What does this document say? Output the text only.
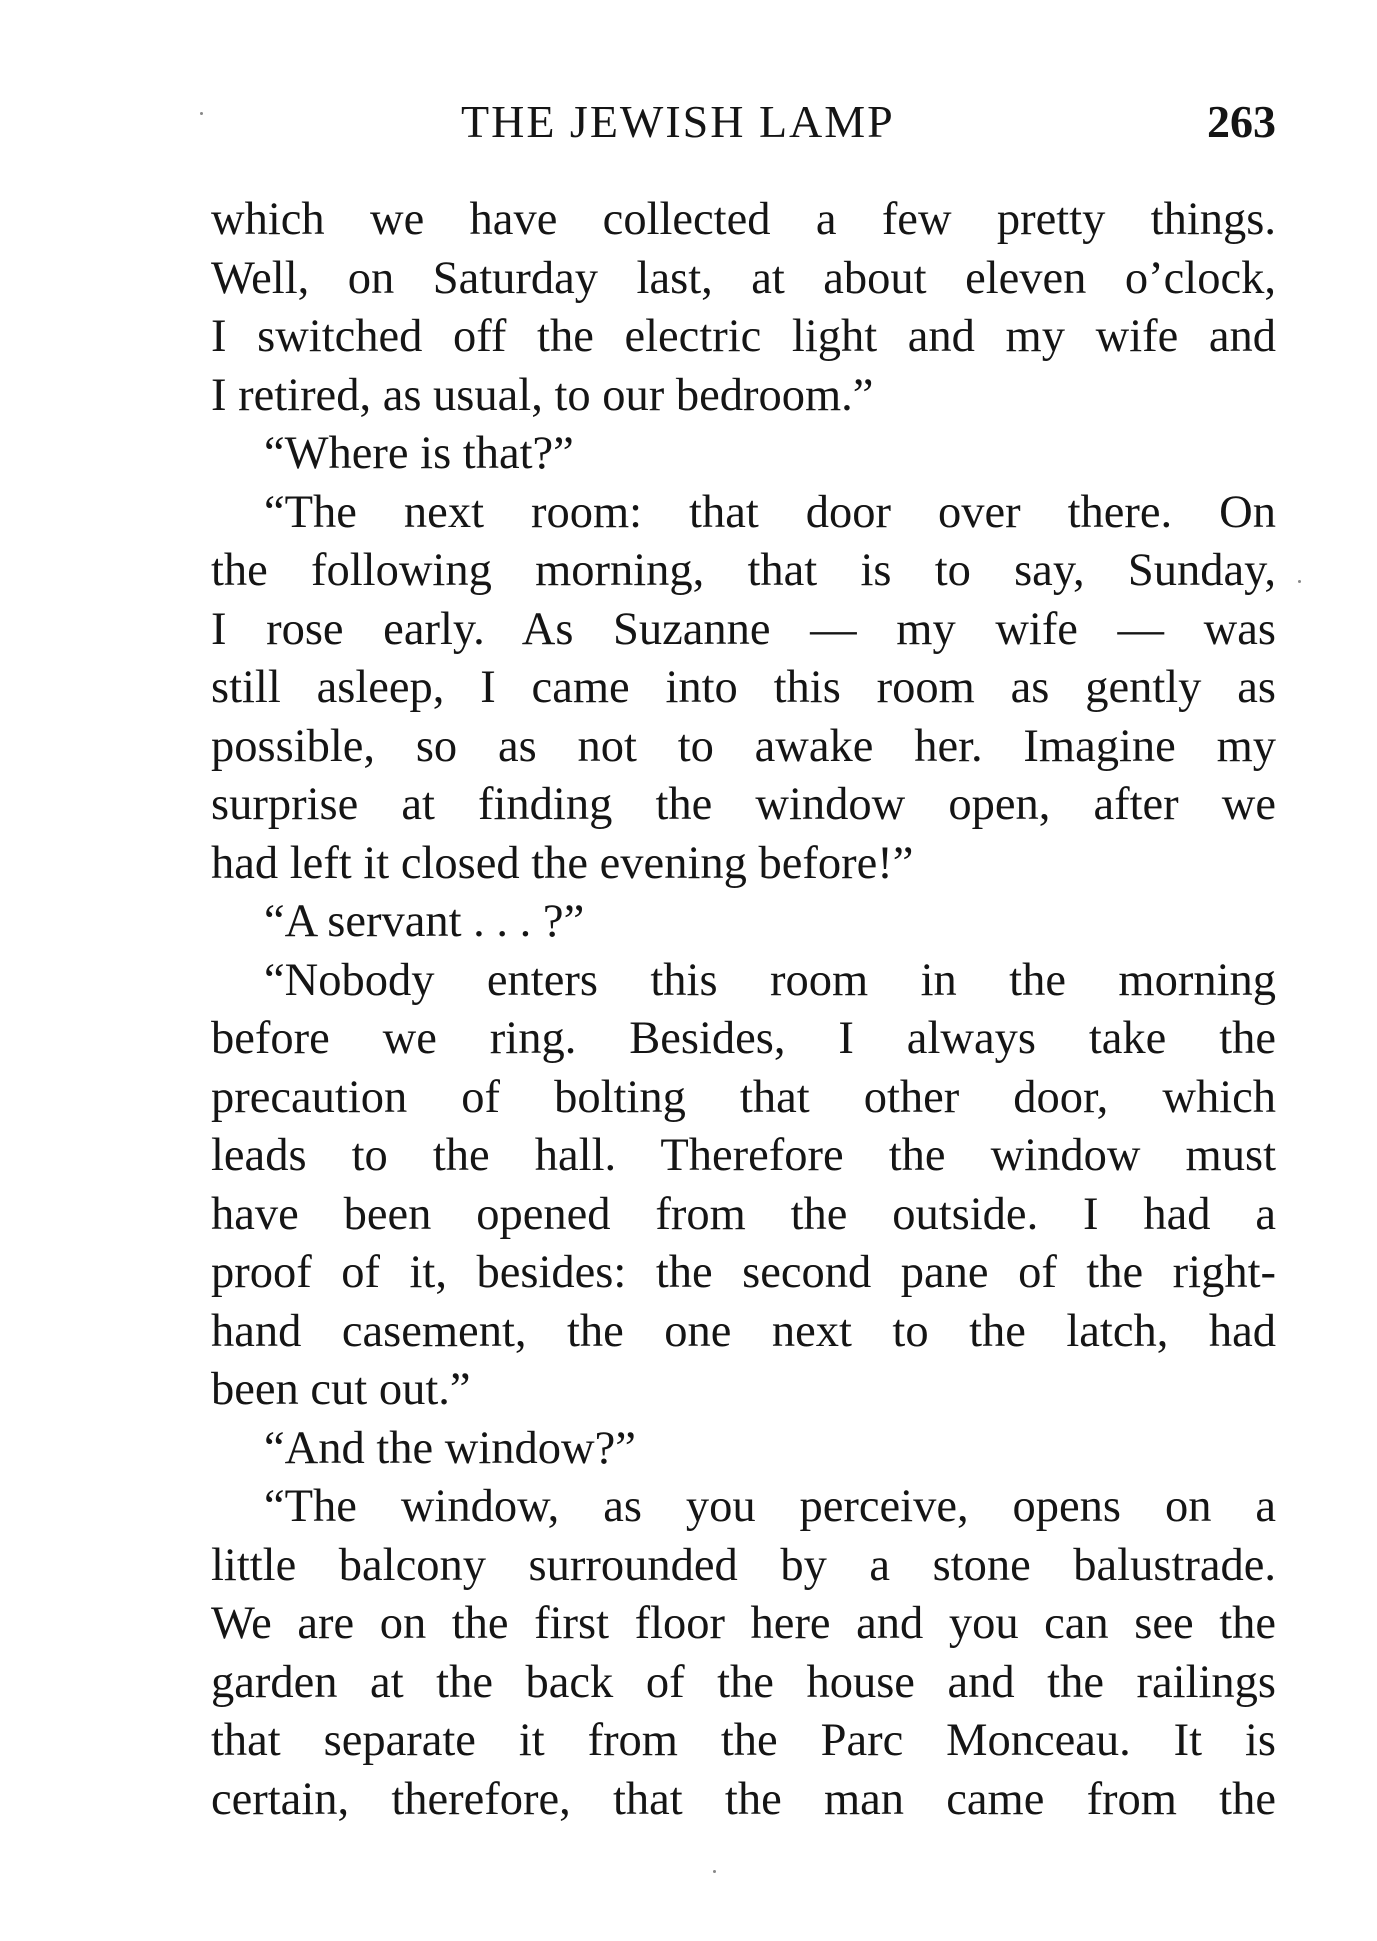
THE JEWISH LAMP	263
which we have collected a few pretty things.
Well, on Saturday last, at about eleven o’clock,
I switched off the electric light and my wife and
I retired, as usual, to our bedroom.”
“Where is that?”
“The next room: that door over there. On
the following morning, that is to say, Sunday,
I rose early. As Suzanne — my wife — was
still asleep, I came into this room as gently as
possible, so as not to awake her. Imagine my
surprise at finding the window open, after we
had left it closed the evening before!”
“A servant . . . ?”
“Nobody enters this room in the morning
before we ring. Besides, I always take the
precaution of bolting that other door, which
leads to the hall. Therefore the window must
have been opened from the outside. I had a
proof of it, besides: the second pane of the right-
hand casement, the one next to the latch, had
been cut out.”
“And the window?”
“The window, as you perceive, opens on a
little balcony surrounded by a stone balustrade.
We are on the first floor here and you can see the
garden at the back of the house and the railings
that separate it from the Parc Monceau. It is
certain, therefore, that the man came from the
